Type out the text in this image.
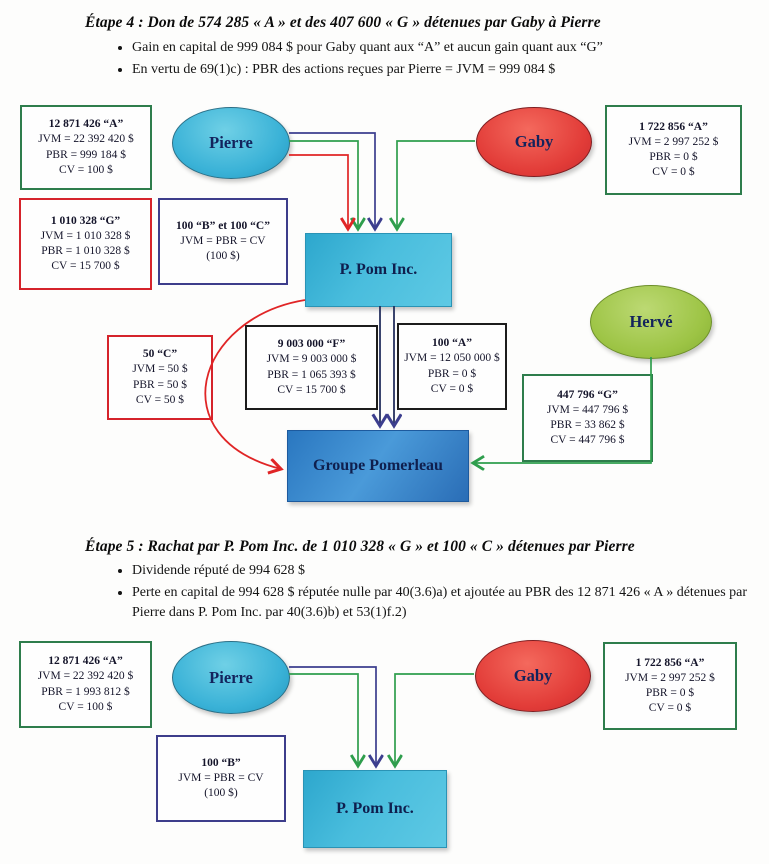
Étape 4 : Don de 574 285 « A » et des 407 600 « G » détenues par Gaby à Pierre
• Gain en capital de 999 084 $ pour Gaby quant aux “A” et aucun gain quant aux “G”
• En vertu de 69(1)c) : PBR des actions reçues par Pierre = JVM = 999 084 $
12 871 426 “A”
JVM = 22 392 420 $
PBR = 999 184 $
CV = 100 $
1 010 328 “G”
JVM = 1 010 328 $
PBR = 1 010 328 $
CV = 15 700 $
100 “B” et 100 “C”
JVM = PBR = CV
(100 $)
1 722 856 “A”
JVM = 2 997 252 $
PBR = 0 $
CV = 0 $
50 “C”
JVM = 50 $
PBR = 50 $
CV = 50 $
9 003 000 “F”
JVM = 9 003 000 $
PBR = 1 065 393 $
CV = 15 700 $
100 “A”
JVM = 12 050 000 $
PBR = 0 $
CV = 0 $	447 796 “G”
JVM = 447 796 $
PBR = 33 862 $
CV = 447 796 $
Pierre	Gaby
Hervé
P. Pom Inc.
Groupe Pomerleau
Étape 5 : Rachat par P. Pom Inc. de 1 010 328 « G » et 100 « C » détenues par Pierre
• Dividende réputé de 994 628 $
• Perte en capital de 994 628 $ réputée nulle par 40(3.6)a) et ajoutée au PBR des 12 871 426 « A » détenues par Pierre dans P. Pom Inc. par 40(3.6)b) et 53(1)f.2)
12 871 426 “A”
JVM = 22 392 420 $
PBR = 1 993 812 $
CV = 100 $
1 722 856 “A”
JVM = 2 997 252 $
PBR = 0 $
CV = 0 $
100 “B”
JVM = PBR = CV
(100 $)
Pierre	Gaby
P. Pom Inc.
